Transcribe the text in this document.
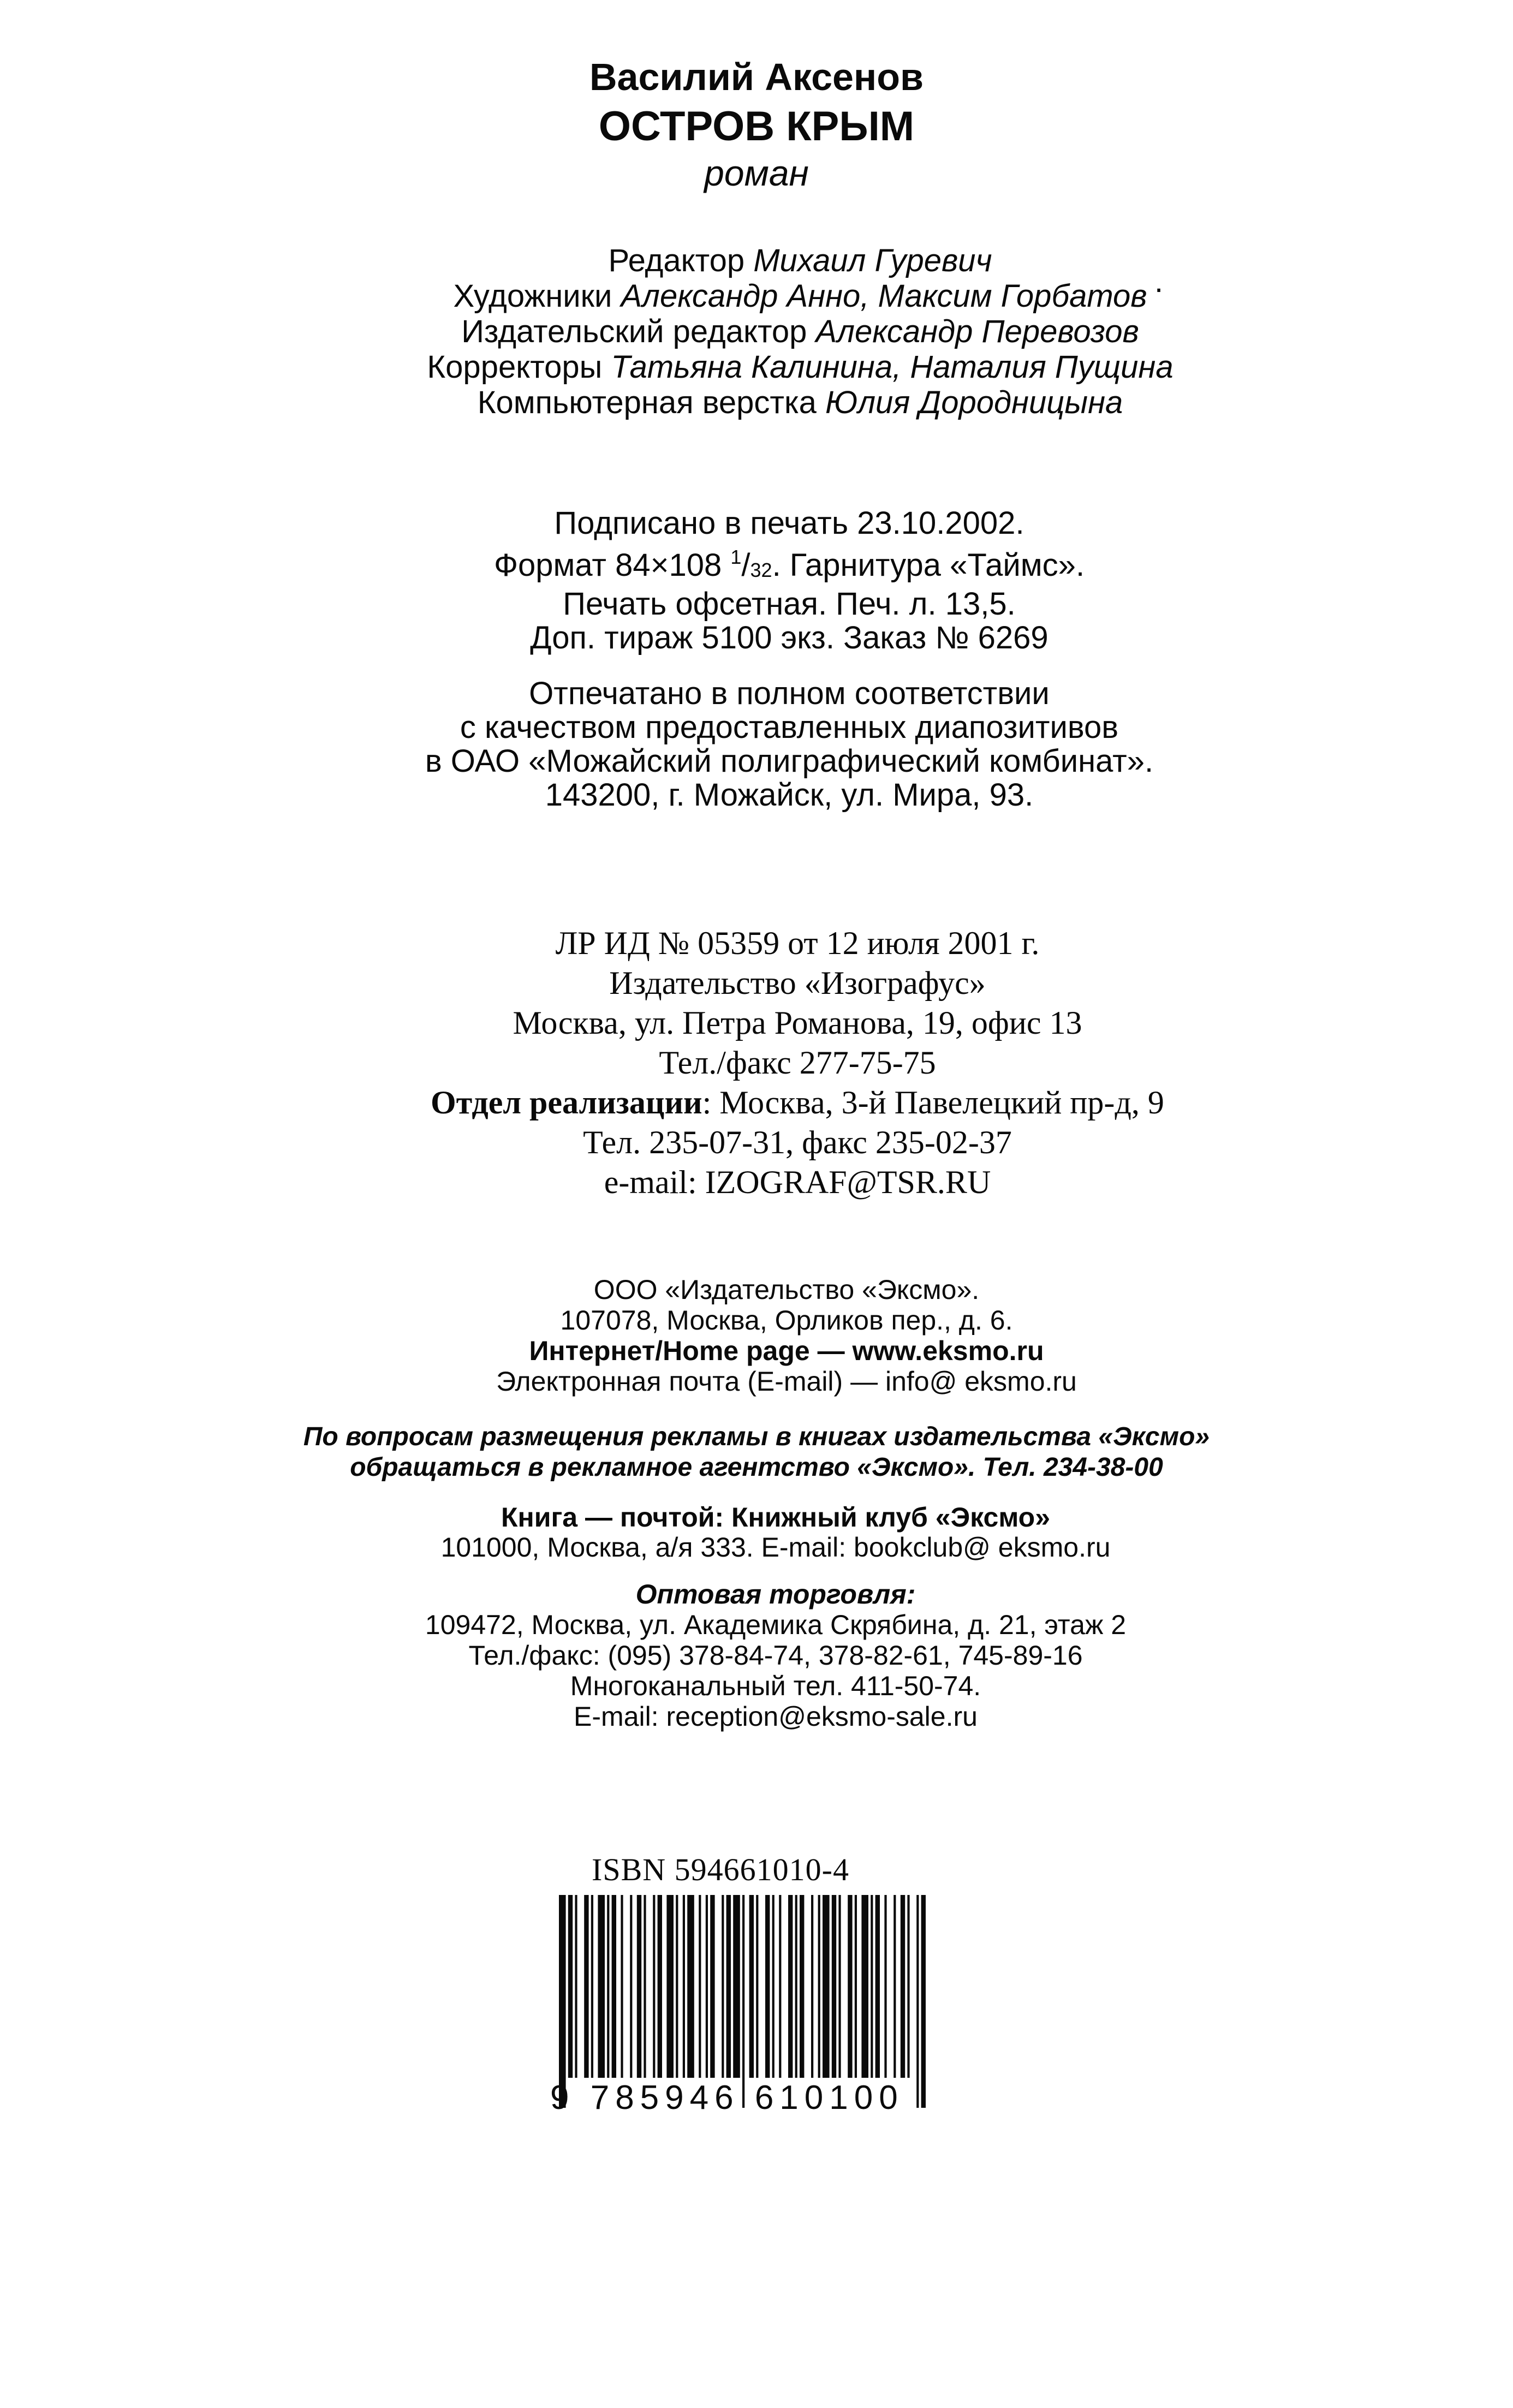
Василий Аксенов
ОСТРОВ КРЫМ
роман
Редактор Михаил Гуревич
Художники Александр Анно, Максим Горбатов
Издательский редактор Александр Перевозов
Корректоры Татьяна Калинина, Наталия Пущина
Компьютерная верстка Юлия Дородницына
.
Подписано в печать 23.10.2002.
Формат 84×108 $^1/_{32}$. Гарнитура «Таймс».
Печать офсетная. Печ. л. 13,5.
Доп. тираж 5100 экз. Заказ № 6269
Отпечатано в полном соответствии
с качеством предоставленных диапозитивов
в ОАО «Можайский полиграфический комбинат».
143200, г. Можайск, ул. Мира, 93.
ЛР ИД № 05359 от 12 июля 2001 г.
Издательство «Изографус»
Москва, ул. Петра Романова, 19, офис 13
Тел./факс 277-75-75
Отдел реализации: Москва, 3-й Павелецкий пр-д, 9
Тел. 235-07-31, факс 235-02-37
e-mail: IZOGRAF@TSR.RU
ООО «Издательство «Эксмо».
107078, Москва, Орликов пер., д. 6.
Интернет/Home page — www.eksmo.ru
Электронная почта (E-mail) — info@ eksmo.ru
По вопросам размещения рекламы в книгах издательства «Эксмо»
обращаться в рекламное агентство «Эксмо». Тел. 234-38-00
Книга — почтой: Книжный клуб «Эксмо»
101000, Москва, а/я 333. E-mail: bookclub@ eksmo.ru
Оптовая торговля:
109472, Москва, ул. Академика Скрябина, д. 21, этаж 2
Тел./факс: (095) 378-84-74, 378-82-61, 745-89-16
Многоканальный тел. 411-50-74.
E-mail: reception@eksmo-sale.ru
ISBN 594661010-4
9 785946 610100
